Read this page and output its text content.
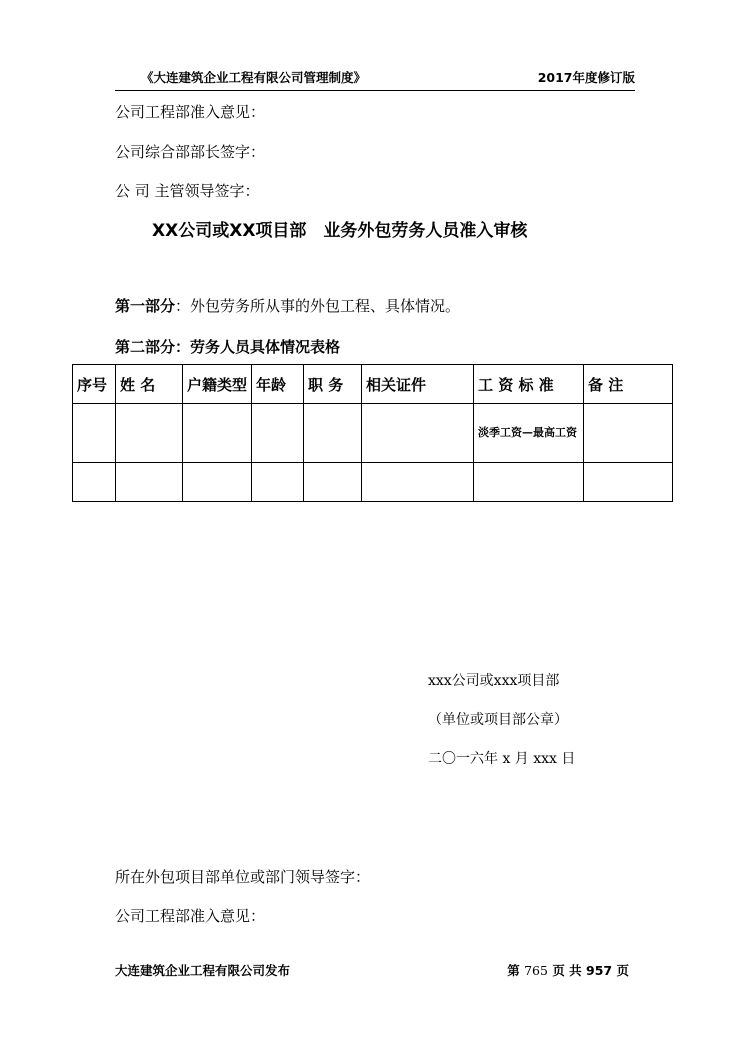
《大连建筑企业工程有限公司管理制度》	2017年度修订版
公司工程部准入意见：
公司综合部部长签字：
公 司 主管领导签字：
XX公司或XX项目部　业务外包劳务人员准入审核
第一部分：外包劳务所从事的外包工程、具体情况。
第二部分：劳务人员具体情况表格
序号	姓 名	户籍类型	年龄	职 务	相关证件	工 资 标 准	备 注

						淡季工资—最高工资	

xxx公司或xxx项目部
（单位或项目部公章）
二〇一六年 x 月 xxx 日
所在外包项目部单位或部门领导签字：
公司工程部准入意见：
大连建筑企业工程有限公司发布	第 765 页 共 957 页
